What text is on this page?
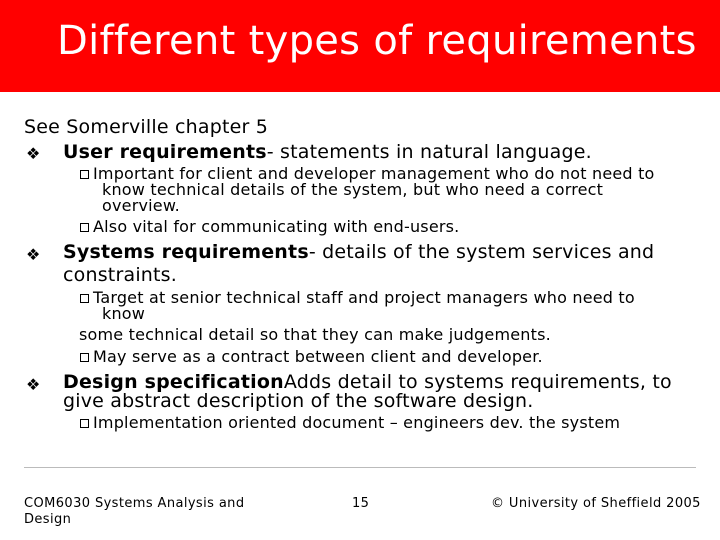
Different types of requirements
See Somerville chapter 5
❖ User requirements- statements in natural language.
Important for client and developer management who do not need to
know technical details of the system, but who need a correct
overview.
Also vital for communicating with end-users.
❖ Systems requirements- details of the system services and
constraints.
Target at senior technical staff and project managers who need to
know
some technical detail so that they can make judgements.
May serve as a contract between client and developer.
❖ Design specificationAdds detail to systems requirements, to
give abstract description of the software design.
Implementation oriented document – engineers dev. the system
COM6030 Systems Analysis and
Design
15	© University of Sheffield 2005
